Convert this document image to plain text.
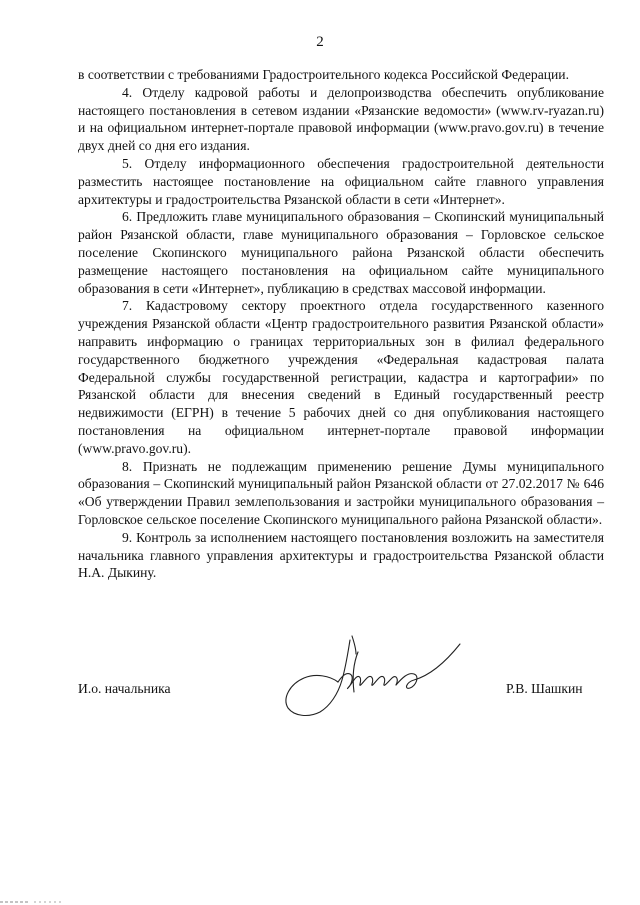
2

в соответствии с требованиями Градостроительного кодекса Российской Федерации.

4. Отделу кадровой работы и делопроизводства обеспечить опубликование настоящего постановления в сетевом издании «Рязанские ведомости» (www.rv-ryazan.ru) и на официальном интернет-портале правовой информации (www.pravo.gov.ru) в течение двух дней со дня его издания.

5. Отделу информационного обеспечения градостроительной деятельности разместить настоящее постановление на официальном сайте главного управления архитектуры и градостроительства Рязанской области в сети «Интернет».

6. Предложить главе муниципального образования – Скопинский муниципальный район Рязанской области, главе муниципального образования – Горловское сельское поселение Скопинского муниципального района Рязанской области обеспечить размещение настоящего постановления на официальном сайте муниципального образования в сети «Интернет», публикацию в средствах массовой информации.

7. Кадастровому сектору проектного отдела государственного казенного учреждения Рязанской области «Центр градостроительного развития Рязанской области» направить информацию о границах территориальных зон в филиал федерального государственного бюджетного учреждения «Федеральная кадастровая палата Федеральной службы государственной регистрации, кадастра и картографии» по Рязанской области для внесения сведений в Единый государственный реестр недвижимости (ЕГРН) в течение 5 рабочих дней со дня опубликования настоящего постановления на официальном интернет-портале правовой информации (www.pravo.gov.ru).

8. Признать не подлежащим применению решение Думы муниципального образования – Скопинский муниципальный район Рязанской области от 27.02.2017 № 646 «Об утверждении Правил землепользования и застройки муниципального образования – Горловское сельское поселение Скопинского муниципального района Рязанской области».

9. Контроль за исполнением настоящего постановления возложить на заместителя начальника главного управления архитектуры и градостроительства Рязанской области Н.А. Дыкину.

И.о. начальника	Р.В. Шашкин
